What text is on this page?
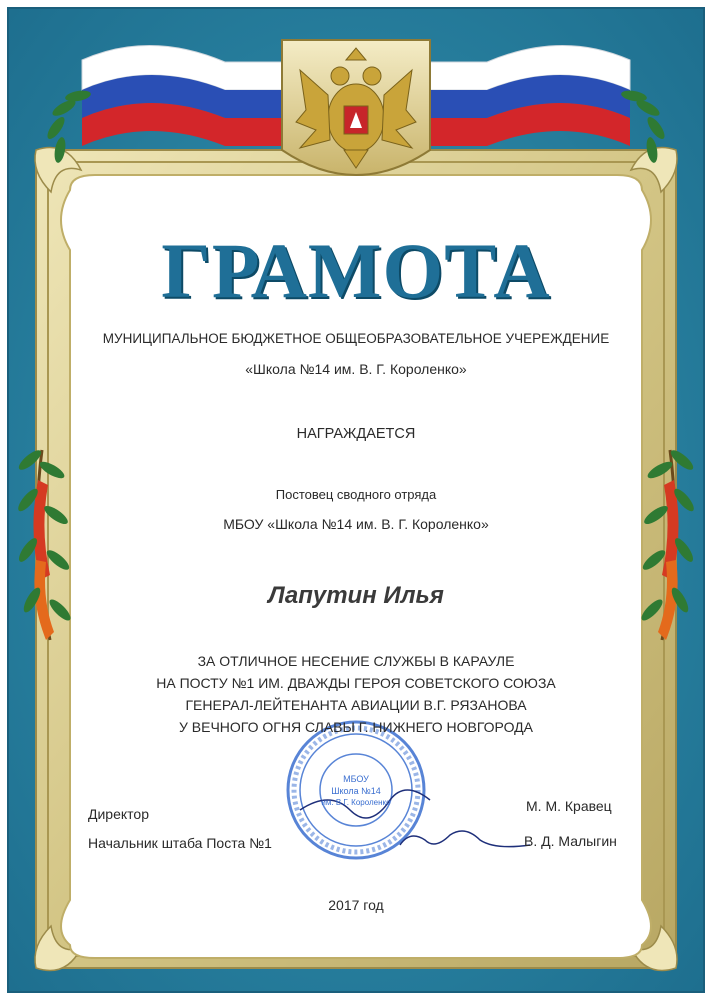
ГРАМОТА
МУНИЦИПАЛЬНОЕ БЮДЖЕТНОЕ ОБЩЕОБРАЗОВАТЕЛЬНОЕ УЧЕРЕЖДЕНИЕ
«Школа №14 им. В. Г. Короленко»
НАГРАЖДАЕТСЯ
Постовец сводного отряда
МБОУ «Школа №14 им. В. Г. Короленко»
Лапутин Илья
ЗА ОТЛИЧНОЕ НЕСЕНИЕ СЛУЖБЫ В КАРАУЛЕ
НА ПОСТУ №1 ИМ. ДВАЖДЫ ГЕРОЯ СОВЕТСКОГО СОЮЗА
ГЕНЕРАЛ-ЛЕЙТЕНАНТА АВИАЦИИ В.Г. РЯЗАНОВА
У ВЕЧНОГО ОГНЯ СЛАВЫ Г. НИЖНЕГО НОВГОРОДА
МБОУ
Школа №14
им. В.Г. Короленко
Директор	М. М. Кравец
Начальник штаба Поста №1	В. Д. Малыгин
2017 год
